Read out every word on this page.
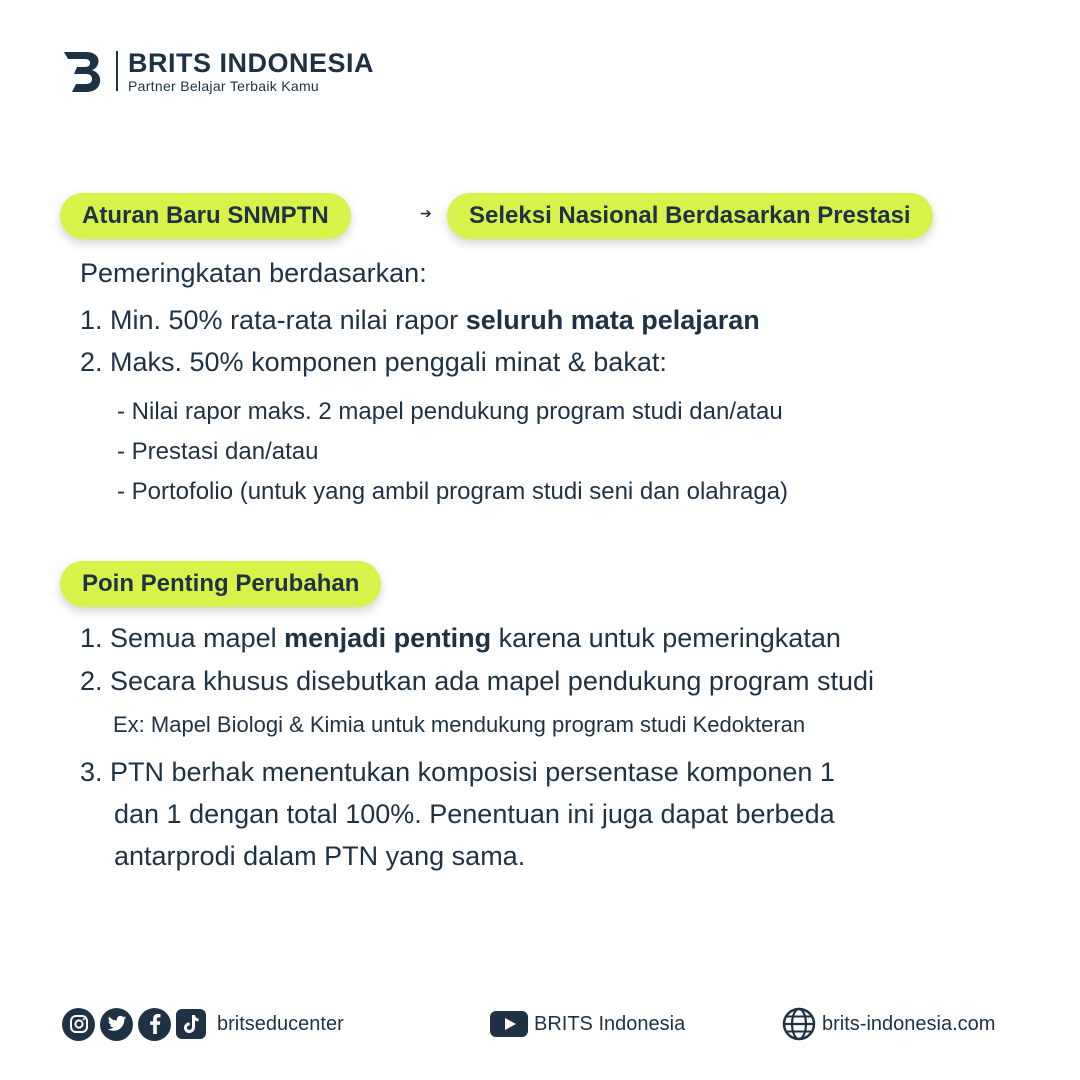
BRITS INDONESIA
Partner Belajar Terbaik Kamu
Aturan Baru SNMPTN	➔	Seleksi Nasional Berdasarkan Prestasi
Pemeringkatan berdasarkan:
1. Min. 50% rata-rata nilai rapor seluruh mata pelajaran
2. Maks. 50% komponen penggali minat & bakat:
- Nilai rapor maks. 2 mapel pendukung program studi dan/atau
- Prestasi dan/atau
- Portofolio (untuk yang ambil program studi seni dan olahraga)
Poin Penting Perubahan
1. Semua mapel menjadi penting karena untuk pemeringkatan
2. Secara khusus disebutkan ada mapel pendukung program studi
Ex: Mapel Biologi & Kimia untuk mendukung program studi Kedokteran
3. PTN berhak menentukan komposisi persentase komponen 1
dan 1 dengan total 100%. Penentuan ini juga dapat berbeda
antarprodi dalam PTN yang sama.
britseducenter	BRITS Indonesia	brits-indonesia.com
